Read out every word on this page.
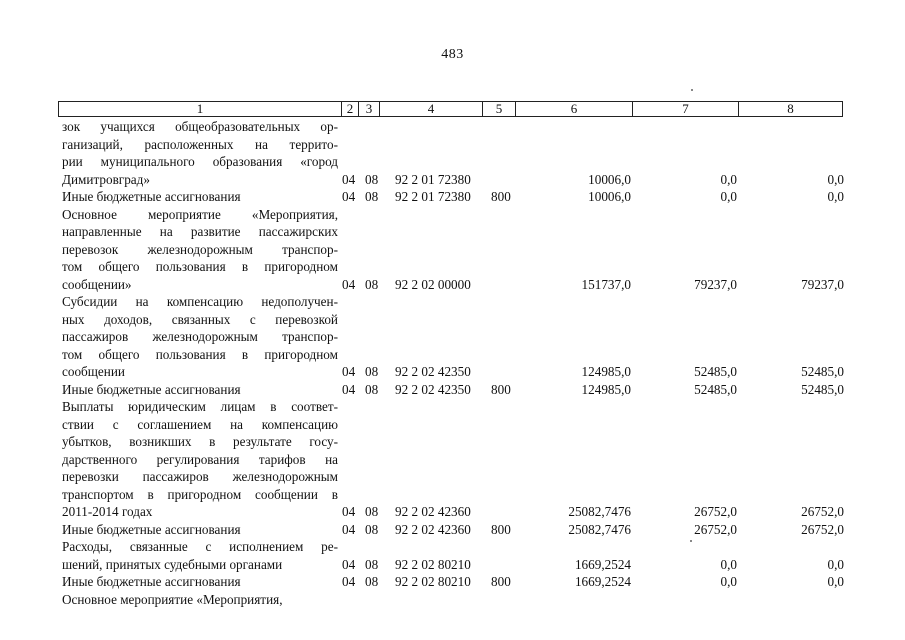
483
1	2 3	4	5	6	7	8
зок учащихся общеобразовательных ор-
ганизаций, расположенных на террито-
рии муниципального образования «город
Димитровград»	04 08 92 2 01 72380	10006,0	0,0	0,0
Иные бюджетные ассигнования	04 08 92 2 01 72380 800	10006,0	0,0	0,0
Основное мероприятие «Мероприятия,
направленные на развитие пассажирских
перевозок железнодорожным транспор-
том общего пользования в пригородном
сообщении»	04 08 92 2 02 00000	151737,0	79237,0	79237,0
Субсидии на компенсацию недополучен-
ных доходов, связанных с перевозкой
пассажиров железнодорожным транспор-
том общего пользования в пригородном
сообщении	04 08 92 2 02 42350	124985,0	52485,0	52485,0
Иные бюджетные ассигнования	04 08 92 2 02 42350 800	124985,0	52485,0	52485,0
Выплаты юридическим лицам в соответ-
ствии с соглашением на компенсацию
убытков, возникших в результате госу-
дарственного регулирования тарифов на
перевозки пассажиров железнодорожным
транспортом в пригородном сообщении в
2011-2014 годах	04 08 92 2 02 42360	25082,7476	26752,0	26752,0
Иные бюджетные ассигнования	04 08 92 2 02 42360 800	25082,7476	26752,0	26752,0
Расходы, связанные с исполнением ре-
шений, принятых судебными органами	04 08 92 2 02 80210	1669,2524	0,0	0,0
Иные бюджетные ассигнования	04 08 92 2 02 80210 800	1669,2524	0,0	0,0
Основное мероприятие «Мероприятия,
